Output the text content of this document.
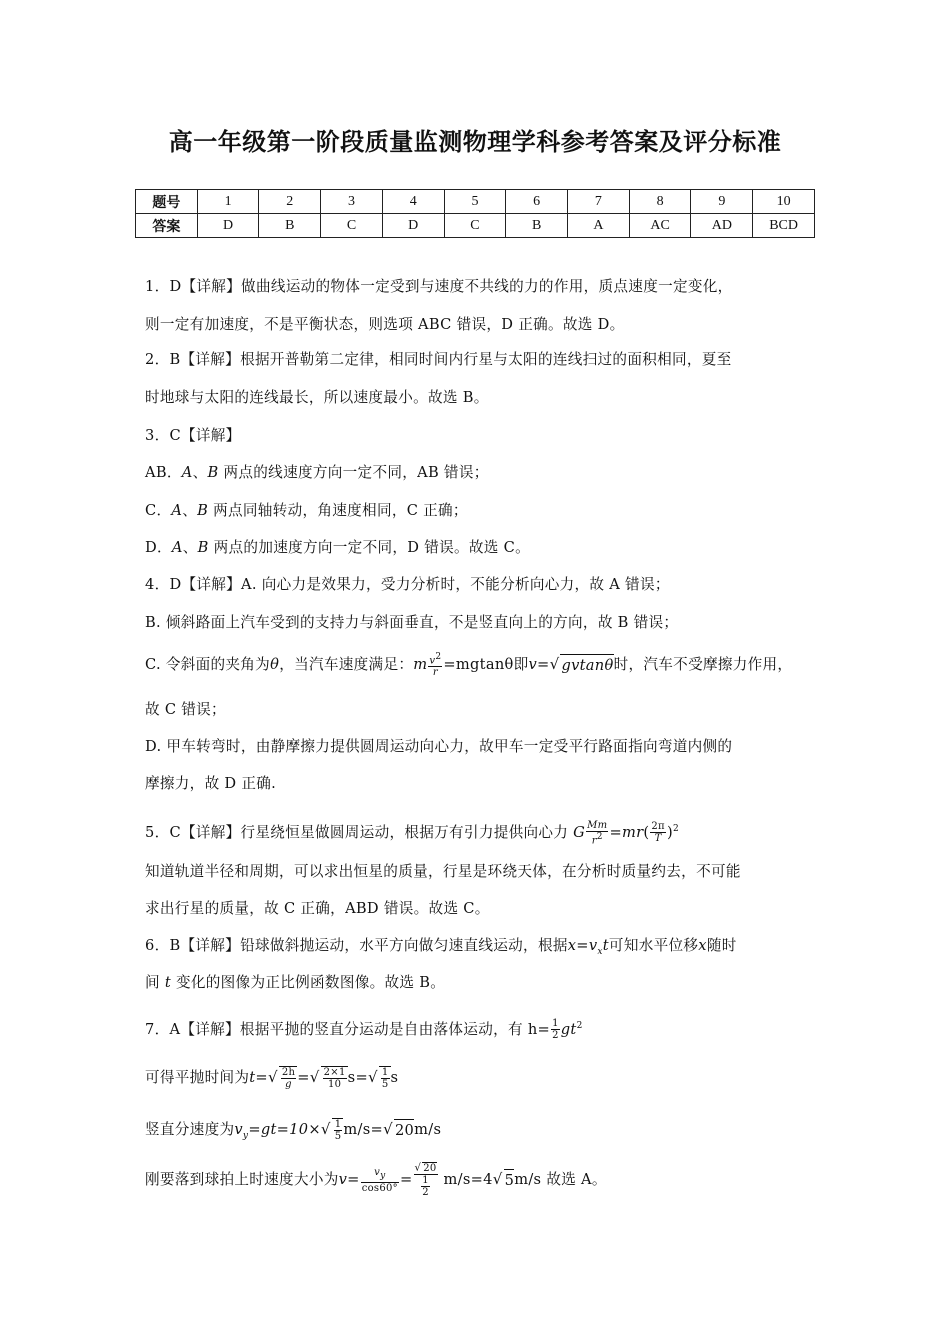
高一年级第一阶段质量监测物理学科参考答案及评分标准
题号	1	2	3	4	5	6	7	8	9	10
答案	D	B	C	D	C	B	A	AC	AD	BCD
1．D【详解】做曲线运动的物体一定受到与速度不共线的力的作用，质点速度一定变化，
则一定有加速度，不是平衡状态，则选项 ABC 错误，D 正确。故选 D。
2．B【详解】根据开普勒第二定律，相同时间内行星与太阳的连线扫过的面积相同，夏至
时地球与太阳的连线最长，所以速度最小。故选 B。
3．C【详解】
AB．A、B 两点的线速度方向一定不同，AB 错误；
C．A、B 两点同轴转动，角速度相同，C 正确；
D．A、B 两点的加速度方向一定不同，D 错误。故选 C。
4．D【详解】A. 向心力是效果力，受力分析时，不能分析向心力，故 A 错误；
B. 倾斜路面上汽车受到的支持力与斜面垂直，不是竖直向上的方向，故 B 错误；
C. 令斜面的夹角为θ，当汽车速度满足：m $\frac{v^2}{r} =mgtan\theta$即v=√ gvtanθ时，汽车不受摩擦力作用，
故 C 错误；
D. 甲车转弯时，由静摩擦力提供圆周运动向心力，故甲车一定受平行路面指向弯道内侧的
摩擦力，故 D 正确.
5．C【详解】行星绕恒星做圆周运动，根据万有引力提供向心力 G $\frac{Mm}{r^2} =mr( \frac{2\pi}{T} )^2$
知道轨道半径和周期，可以求出恒星的质量，行星是环绕天体，在分析时质量约去，不可能
求出行星的质量，故 C 正确，ABD 错误。故选 C。
6．B【详解】铅球做斜抛运动，水平方向做匀速直线运动，根据$x=v_xt$可知水平位移x随时
间 t 变化的图像为正比例函数图像。故选 B。
7．A【详解】根据平抛的竖直分运动是自由落体运动，有 $h= \frac{1}{2} gt^2$
可得平抛时间为$t=√ \frac{2h}{g}$ =√ $\frac{2\times 1}{10} s=√ \frac{1}{5}$ s
竖直分速度为$v_y=gt=10\times√ \frac{1}{5} m/s=√$ 20m/s
刚要落到球拍上时速度大小为$v= \frac{v_y}{\cos 60^\circ} = \frac{√ 20}{\frac{1}{2}} m/s=4√$ 5m/s 故选 A。
